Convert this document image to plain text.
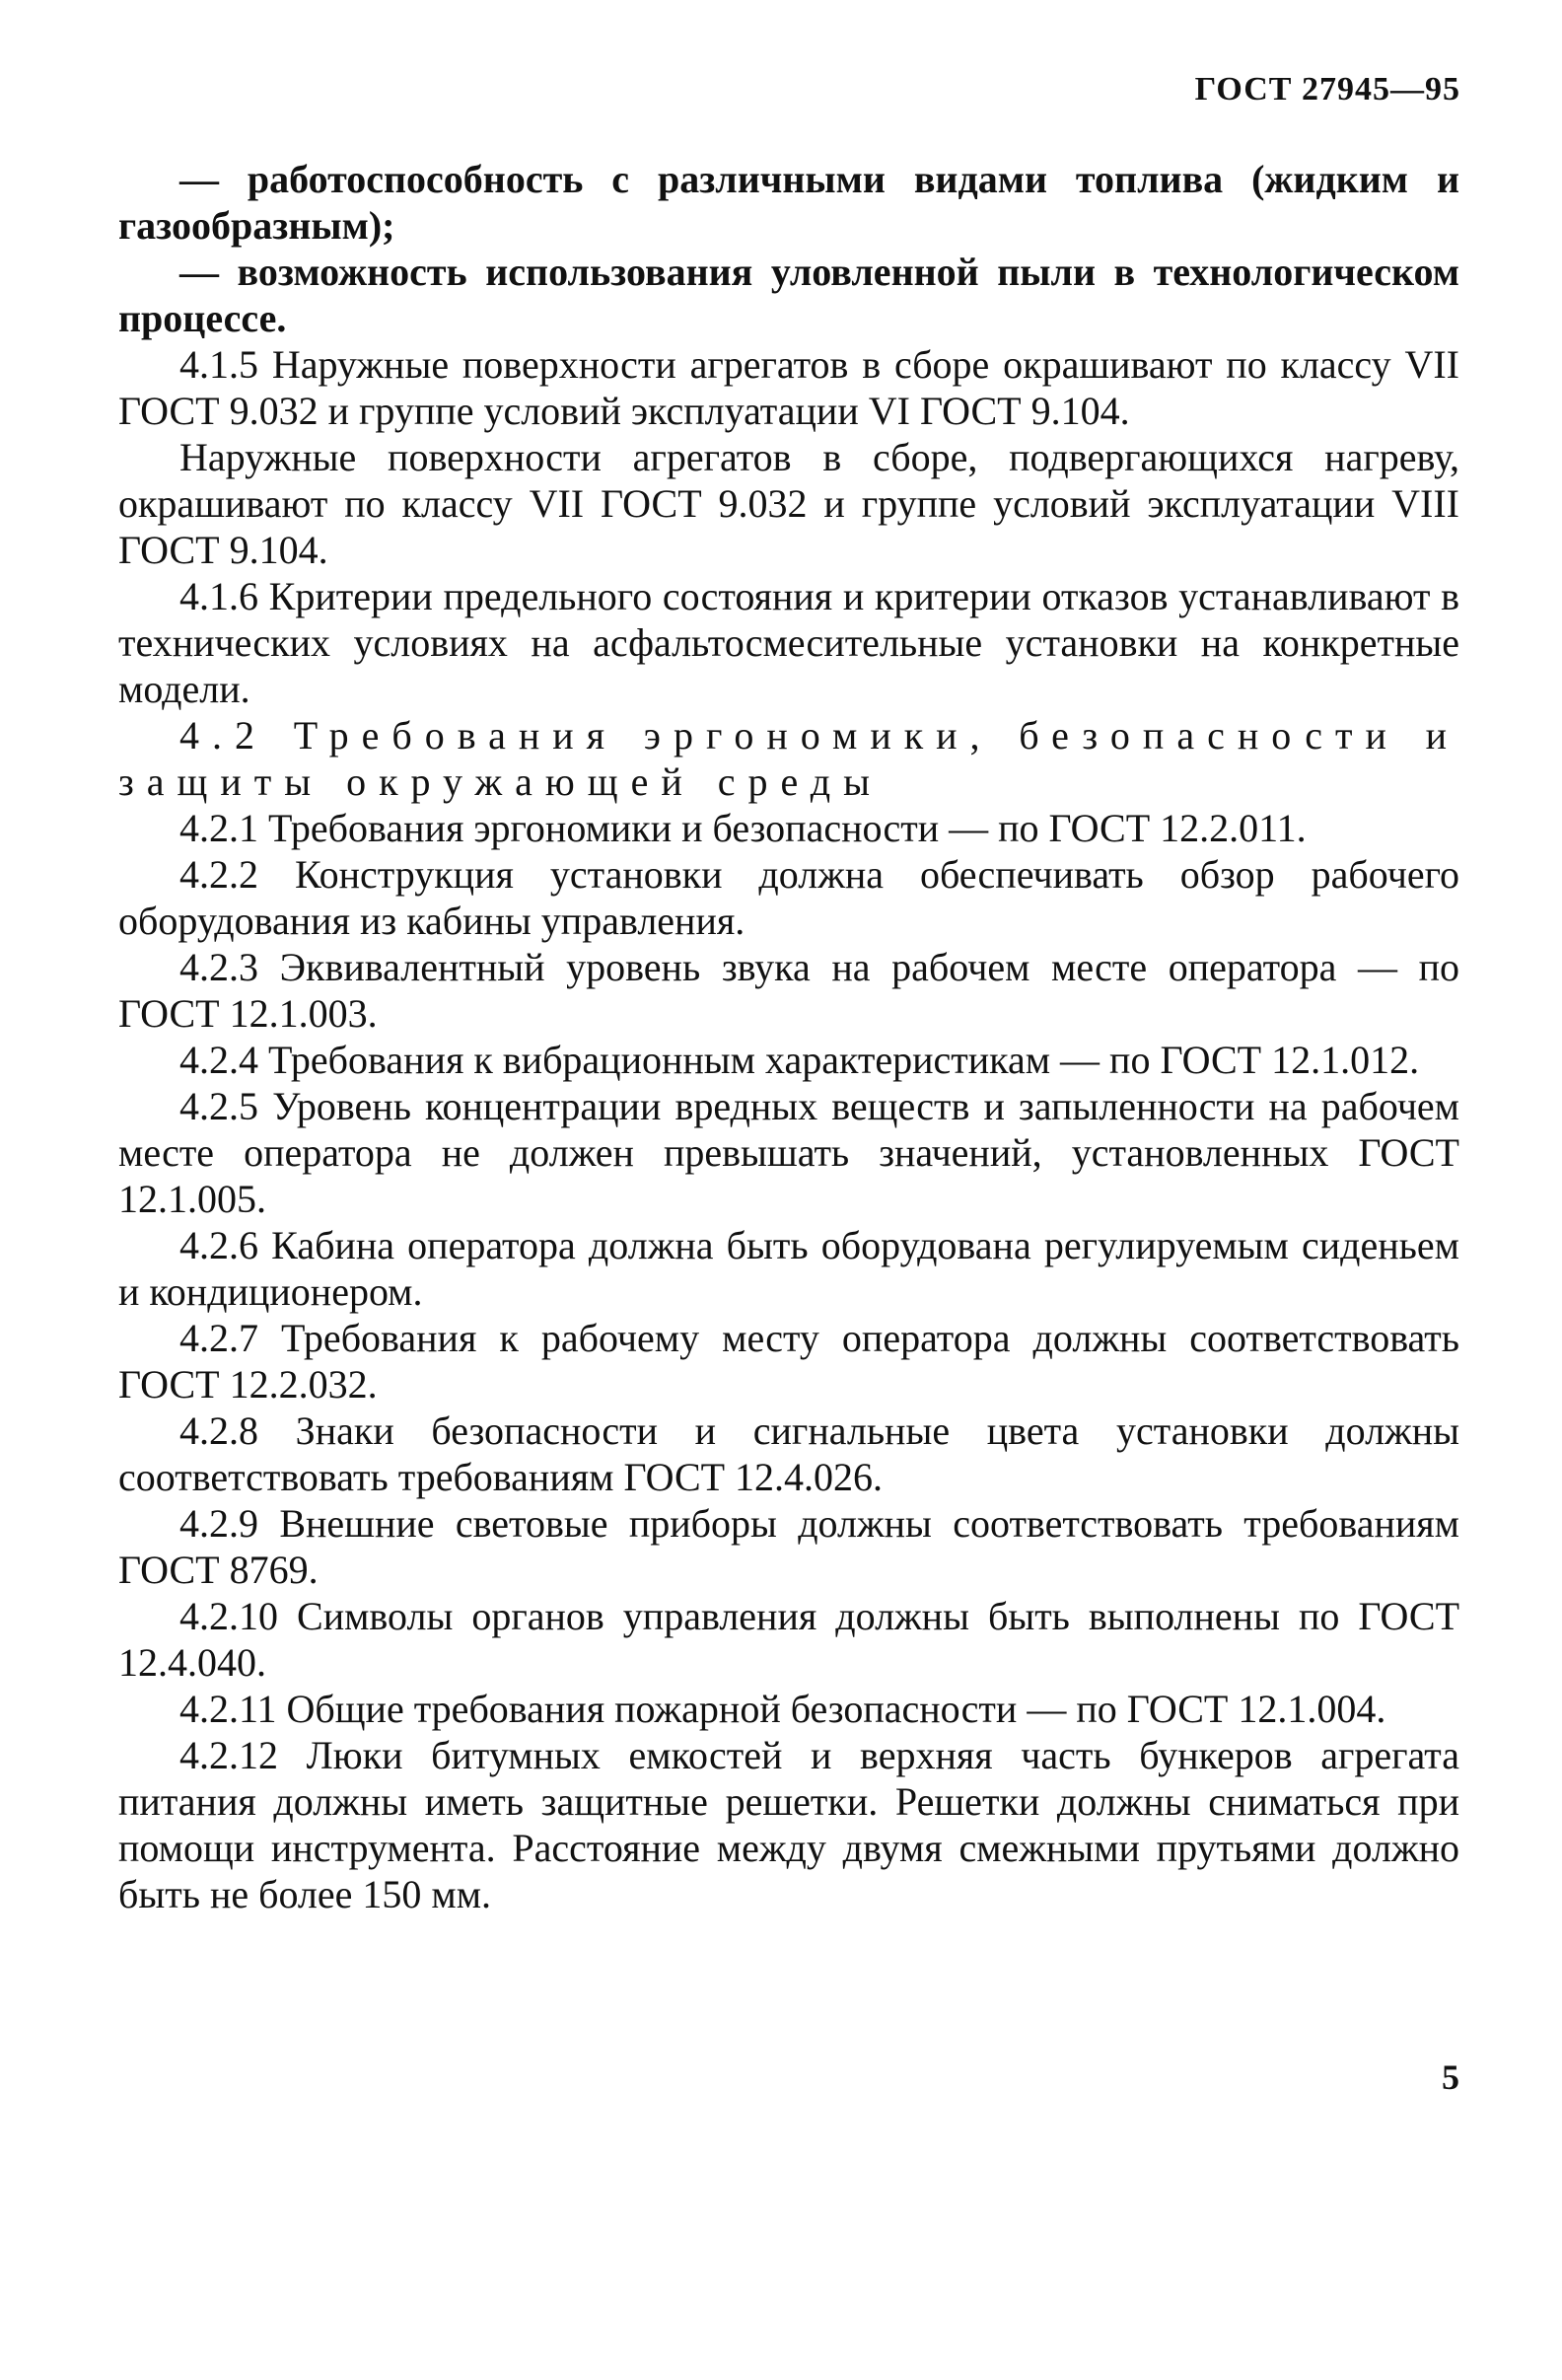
ГОСТ 27945—95

— работоспособность с различными видами топлива (жидким и газообразным);

— возможность использования уловленной пыли в технологическом процессе.

4.1.5 Наружные поверхности агрегатов в сборе окрашивают по классу VII ГОСТ 9.032 и группе условий эксплуатации VI ГОСТ 9.104.

Наружные поверхности агрегатов в сборе, подвергающихся нагреву, окрашивают по классу VII ГОСТ 9.032 и группе условий эксплуатации VIII ГОСТ 9.104.

4.1.6 Критерии предельного состояния и критерии отказов устанавливают в технических условиях на асфальтосмесительные установки на конкретные модели.

4.2 Требования эргономики, безопасности и защиты окружающей среды

4.2.1 Требования эргономики и безопасности — по ГОСТ 12.2.011.

4.2.2 Конструкция установки должна обеспечивать обзор рабочего оборудования из кабины управления.

4.2.3 Эквивалентный уровень звука на рабочем месте оператора — по ГОСТ 12.1.003.

4.2.4 Требования к вибрационным характеристикам — по ГОСТ 12.1.012.

4.2.5 Уровень концентрации вредных веществ и запыленности на рабочем месте оператора не должен превышать значений, установленных ГОСТ 12.1.005.

4.2.6 Кабина оператора должна быть оборудована регулируемым сиденьем и кондиционером.

4.2.7 Требования к рабочему месту оператора должны соответствовать ГОСТ 12.2.032.

4.2.8 Знаки безопасности и сигнальные цвета установки должны соответствовать требованиям ГОСТ 12.4.026.

4.2.9 Внешние световые приборы должны соответствовать требованиям ГОСТ 8769.

4.2.10 Символы органов управления должны быть выполнены по ГОСТ 12.4.040.

4.2.11 Общие требования пожарной безопасности — по ГОСТ 12.1.004.

4.2.12 Люки битумных емкостей и верхняя часть бункеров агрегата питания должны иметь защитные решетки. Решетки должны сниматься при помощи инструмента. Расстояние между двумя смежными прутьями должно быть не более 150 мм.

5
